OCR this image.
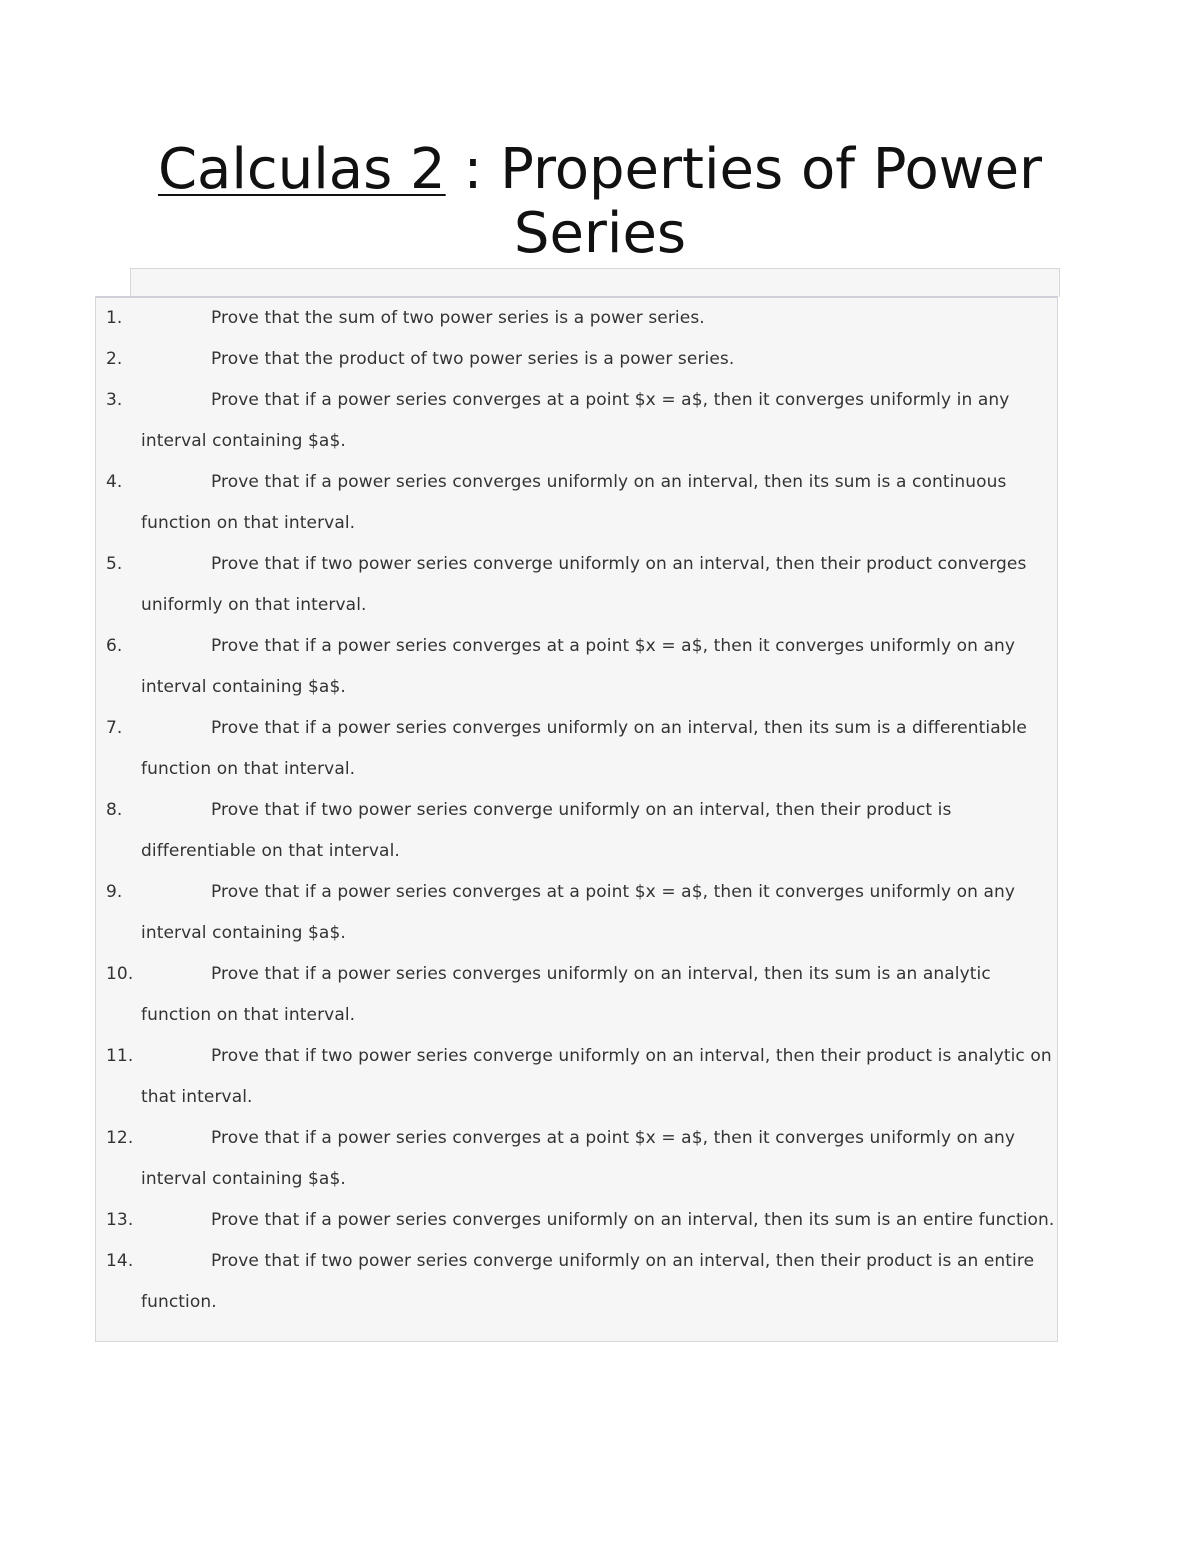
Calculas 2 : Properties of Power Series
1.	Prove that the sum of two power series is a power series.
2.	Prove that the product of two power series is a power series.
3.	Prove that if a power series converges at a point $x = a$, then it converges uniformly in any interval containing $a$.
4.	Prove that if a power series converges uniformly on an interval, then its sum is a continuous function on that interval.
5.	Prove that if two power series converge uniformly on an interval, then their product converges uniformly on that interval.
6.	Prove that if a power series converges at a point $x = a$, then it converges uniformly on any interval containing $a$.
7.	Prove that if a power series converges uniformly on an interval, then its sum is a differentiable function on that interval.
8.	Prove that if two power series converge uniformly on an interval, then their product is differentiable on that interval.
9.	Prove that if a power series converges at a point $x = a$, then it converges uniformly on any interval containing $a$.
10.	Prove that if a power series converges uniformly on an interval, then its sum is an analytic function on that interval.
11.	Prove that if two power series converge uniformly on an interval, then their product is analytic on that interval.
12.	Prove that if a power series converges at a point $x = a$, then it converges uniformly on any interval containing $a$.
13.	Prove that if a power series converges uniformly on an interval, then its sum is an entire function.
14.	Prove that if two power series converge uniformly on an interval, then their product is an entire function.
